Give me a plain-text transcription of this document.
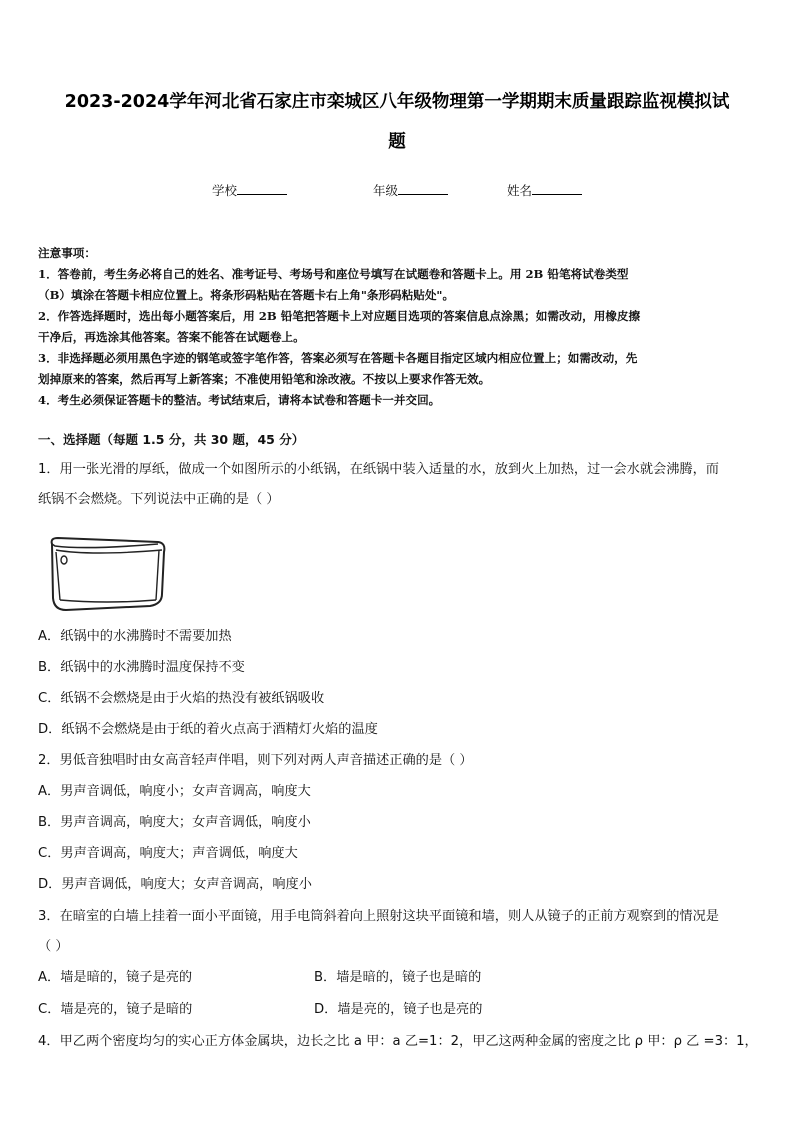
2023-2024学年河北省石家庄市栾城区八年级物理第一学期期末质量跟踪监视模拟试
题
学校	年级	姓名
注意事项：
1．答卷前，考生务必将自己的姓名、准考证号、考场号和座位号填写在试题卷和答题卡上。用 2B 铅笔将试卷类型
（B）填涂在答题卡相应位置上。将条形码粘贴在答题卡右上角"条形码粘贴处"。
2．作答选择题时，选出每小题答案后，用 2B 铅笔把答题卡上对应题目选项的答案信息点涂黑；如需改动，用橡皮擦
干净后，再选涂其他答案。答案不能答在试题卷上。
3．非选择题必须用黑色字迹的钢笔或签字笔作答，答案必须写在答题卡各题目指定区域内相应位置上；如需改动，先
划掉原来的答案，然后再写上新答案；不准使用铅笔和涂改液。不按以上要求作答无效。
4．考生必须保证答题卡的整洁。考试结束后，请将本试卷和答题卡一并交回。
一、选择题（每题 1.5 分，共 30 题，45 分）
1．用一张光滑的厚纸，做成一个如图所示的小纸锅，在纸锅中装入适量的水，放到火上加热，过一会水就会沸腾，而
纸锅不会燃烧。下列说法中正确的是（ ）
A．纸锅中的水沸腾时不需要加热
B．纸锅中的水沸腾时温度保持不变
C．纸锅不会燃烧是由于火焰的热没有被纸锅吸收
D．纸锅不会燃烧是由于纸的着火点高于酒精灯火焰的温度
2．男低音独唱时由女高音轻声伴唱，则下列对两人声音描述正确的是（ ）
A．男声音调低，响度小；女声音调高，响度大
B．男声音调高，响度大；女声音调低，响度小
C．男声音调高，响度大；声音调低，响度大
D．男声音调低，响度大；女声音调高，响度小
3．在暗室的白墙上挂着一面小平面镜，用手电筒斜着向上照射这块平面镜和墙，则人从镜子的正前方观察到的情况是
（ ）
A．墙是暗的，镜子是亮的	B．墙是暗的，镜子也是暗的
C．墙是亮的，镜子是暗的	D．墙是亮的，镜子也是亮的
4．甲乙两个密度均匀的实心正方体金属块，边长之比 a 甲：a 乙=1：2，甲乙这两种金属的密度之比 ρ 甲：ρ 乙 =3：1，
